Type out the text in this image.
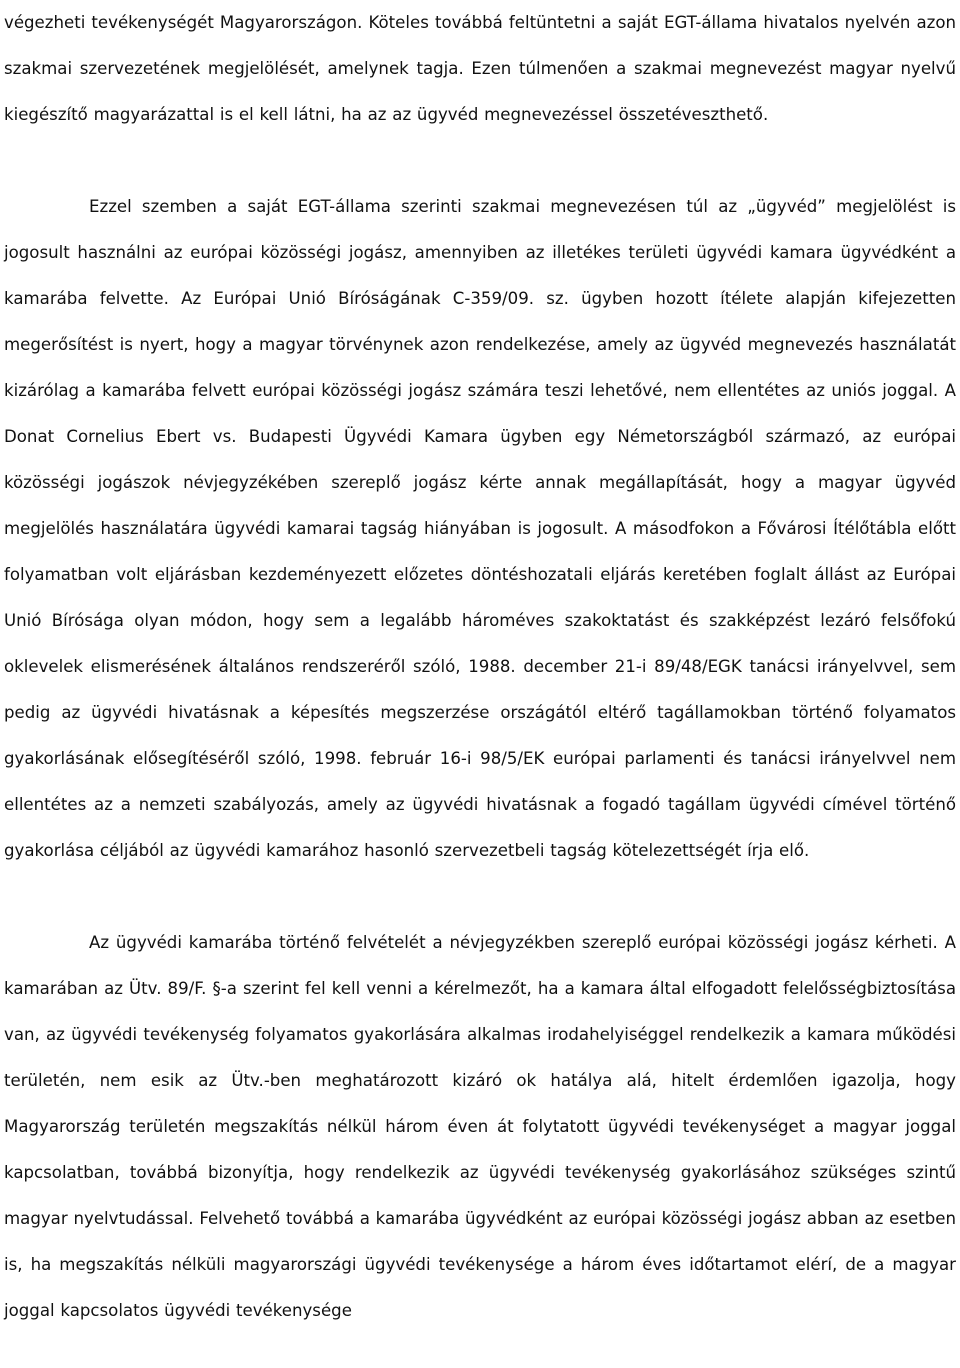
végezheti tevékenységét Magyarországon. Köteles továbbá feltüntetni a saját EGT-állama hivatalos nyelvén azon szakmai szervezetének megjelölését, amelynek tagja. Ezen túlmenően a szakmai megnevezést magyar nyelvű kiegészítő magyarázattal is el kell látni, ha az az ügyvéd megnevezéssel összetéveszthető.

Ezzel szemben a saját EGT-állama szerinti szakmai megnevezésen túl az „ügyvéd” megjelölést is jogosult használni az európai közösségi jogász, amennyiben az illetékes területi ügyvédi kamara ügyvédként a kamarába felvette. Az Európai Unió Bíróságának C-359/09. sz. ügyben hozott ítélete alapján kifejezetten megerősítést is nyert, hogy a magyar törvénynek azon rendelkezése, amely az ügyvéd megnevezés használatát kizárólag a kamarába felvett európai közösségi jogász számára teszi lehetővé, nem ellentétes az uniós joggal. A Donat Cornelius Ebert vs. Budapesti Ügyvédi Kamara ügyben egy Németországból származó, az európai közösségi jogászok névjegyzékében szereplő jogász kérte annak megállapítását, hogy a magyar ügyvéd megjelölés használatára ügyvédi kamarai tagság hiányában is jogosult. A másodfokon a Fővárosi Ítélőtábla előtt folyamatban volt eljárásban kezdeményezett előzetes döntéshozatali eljárás keretében foglalt állást az Európai Unió Bírósága olyan módon, hogy sem a legalább hároméves szakoktatást és szakképzést lezáró felsőfokú oklevelek elismerésének általános rendszeréről szóló, 1988. december 21-i 89/48/EGK tanácsi irányelvvel, sem pedig az ügyvédi hivatásnak a képesítés megszerzése országától eltérő tagállamokban történő folyamatos gyakorlásának elősegítéséről szóló, 1998. február 16-i 98/5/EK európai parlamenti és tanácsi irányelvvel nem ellentétes az a nemzeti szabályozás, amely az ügyvédi hivatásnak a fogadó tagállam ügyvédi címével történő gyakorlása céljából az ügyvédi kamarához hasonló szervezetbeli tagság kötelezettségét írja elő.

Az ügyvédi kamarába történő felvételét a névjegyzékben szereplő európai közösségi jogász kérheti. A kamarában az Ütv. 89/F. §-a szerint fel kell venni a kérelmezőt, ha a kamara által elfogadott felelősségbiztosítása van, az ügyvédi tevékenység folyamatos gyakorlására alkalmas irodahelyiséggel rendelkezik a kamara működési területén, nem esik az Ütv.-ben meghatározott kizáró ok hatálya alá, hitelt érdemlően igazolja, hogy Magyarország területén megszakítás nélkül három éven át folytatott ügyvédi tevékenységet a magyar joggal kapcsolatban, továbbá bizonyítja, hogy rendelkezik az ügyvédi tevékenység gyakorlásához szükséges szintű magyar nyelvtudással. Felvehető továbbá a kamarába ügyvédként az európai közösségi jogász abban az esetben is, ha megszakítás nélküli magyarországi ügyvédi tevékenysége a három éves időtartamot elérí, de a magyar joggal kapcsolatos ügyvédi tevékenysége
